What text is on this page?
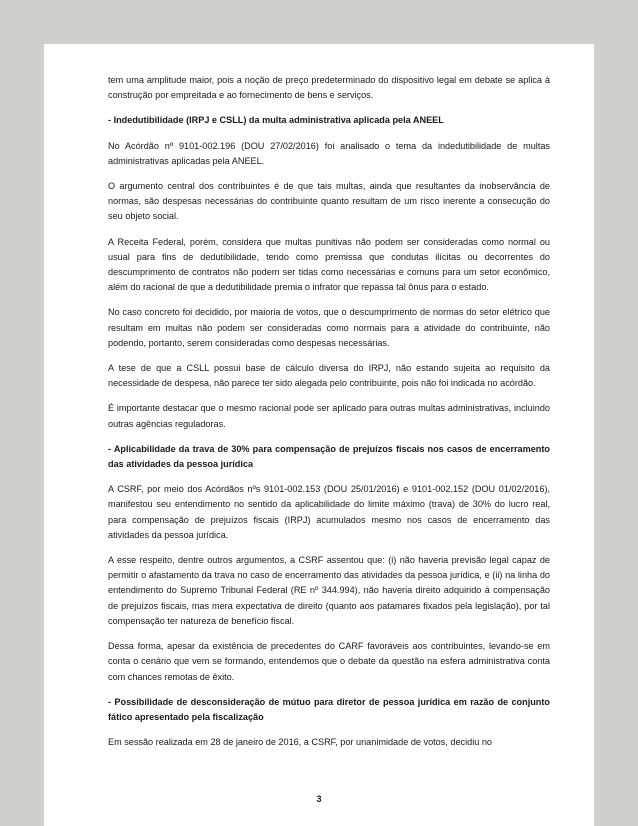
tem uma amplitude maior, pois a noção de preço predeterminado do dispositivo legal em debate se aplica à construção por empreitada e ao fornecimento de bens e serviços.

- Indedutibilidade (IRPJ e CSLL) da multa administrativa aplicada pela ANEEL

No Acórdão nº 9101-002.196 (DOU 27/02/2016) foi analisado o tema da indedutibilidade de multas administrativas aplicadas pela ANEEL.

O argumento central dos contribuintes é de que tais multas, ainda que resultantes da inobservância de normas, são despesas necessárias do contribuinte quanto resultam de um risco inerente a consecução do seu objeto social.

A Receita Federal, porém, considera que multas punitivas não podem ser consideradas como normal ou usual para fins de dedutibilidade, tendo como premissa que condutas ilícitas ou decorrentes do descumprimento de contratos não podem ser tidas como necessárias e comuns para um setor econômico, além do racional de que a dedutibilidade premia o infrator que repassa tal ônus para o estado.

No caso concreto foi decidido, por maioria de votos, que o descumprimento de normas do setor elétrico que resultam em multas não podem ser consideradas como normais para a atividade do contribuinte, não podendo, portanto, serem consideradas como despesas necessárias.

A tese de que a CSLL possui base de cálculo diversa do IRPJ, não estando sujeita ao requisito da necessidade de despesa, não parece ter sido alegada pelo contribuinte, pois não foi indicada no acórdão.

É importante destacar que o mesmo racional pode ser aplicado para outras multas administrativas, incluindo outras agências reguladoras.

- Aplicabilidade da trava de 30% para compensação de prejuízos fiscais nos casos de encerramento das atividades da pessoa jurídica

A CSRF, por meio dos Acórdãos nºs 9101-002.153 (DOU 25/01/2016) e 9101-002.152 (DOU 01/02/2016), manifestou seu entendimento no sentido da aplicabilidade do limite máximo (trava) de 30% do lucro real, para compensação de prejuízos fiscais (IRPJ) acumulados mesmo nos casos de encerramento das atividades da pessoa jurídica.

A esse respeito, dentre outros argumentos, a CSRF assentou que: (i) não haveria previsão legal capaz de permitir o afastamento da trava no caso de encerramento das atividades da pessoa jurídica, e (ii) na linha do entendimento do Supremo Tribunal Federal (RE nº 344.994), não haveria direito adquirido à compensação de prejuízos fiscais, mas mera expectativa de direito (quanto aos patamares fixados pela legislação), por tal compensação ter natureza de benefício fiscal.

Dessa forma, apesar da existência de precedentes do CARF favoráveis aos contribuintes, levando-se em conta o cenário que vem se formando, entendemos que o debate da questão na esfera administrativa conta com chances remotas de êxito.

- Possibilidade de desconsideração de mútuo para diretor de pessoa jurídica em razão de conjunto fático apresentado pela fiscalização

Em sessão realizada em 28 de janeiro de 2016, a CSRF, por unanimidade de votos, decidiu no

3
